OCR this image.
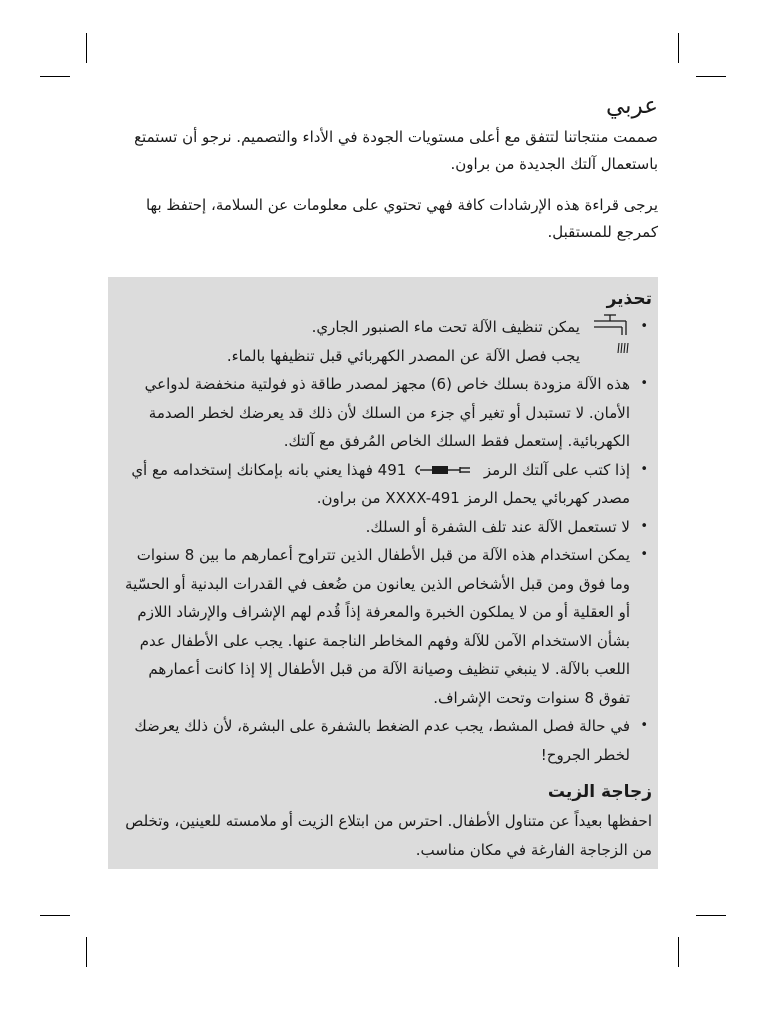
عربي

صممت منتجاتنا لتتفق مع أعلى مستويات الجودة في الأداء والتصميم. نرجو أن تستمتع باستعمال آلتك الجديدة من براون.

يرجى قراءة هذه الإرشادات كافة فهي تحتوي على معلومات عن السلامة، إحتفظ بها كمرجع للمستقبل.

تحذير
•
يمكن تنظيف الآلة تحت ماء الصنبور الجاري.
يجب فصل الآلة عن المصدر الكهربائي قبل تنظيفها بالماء.
•
هذه الآلة مزودة بسلك خاص (6) مجهز لمصدر طاقة ذو فولتية منخفضة لدواعي الأمان. لا تستبدل أو تغير أي جزء من السلك لأن ذلك قد يعرضك لخطر الصدمة الكهربائية. إستعمل فقط السلك الخاص المُرفق مع آلتك.
•
إذا كتب على آلتك الرمز  491 فهذا يعني بانه بإمكانك إستخدامه مع أي مصدر كهربائي يحمل الرمز XXXX-491 من براون.
•
لا تستعمل الآلة عند تلف الشفرة أو السلك.
•
يمكن استخدام هذه الآلة من قبل الأطفال الذين تتراوح أعمارهم ما بين 8 سنوات وما فوق ومن قبل الأشخاص الذين يعانون من ضُعف في القدرات البدنية أو الحسّية أو العقلية أو من لا يملكون الخبرة والمعرفة إذاً قُدم لهم الإشراف والإرشاد اللازم بشأن الاستخدام الآمن للآلة وفهم المخاطر الناجمة عنها. يجب على الأطفال عدم اللعب بالآلة. لا ينبغي تنظيف وصيانة الآلة من قبل الأطفال إلا إذا كانت أعمارهم تفوق 8 سنوات وتحت الإشراف.
•
في حالة فصل المشط، يجب عدم الضغط بالشفرة على البشرة، لأن ذلك يعرضك لخطر الجروح!
زجاجة الزيت

احفظها بعيداً عن متناول الأطفال. احترس من ابتلاع الزيت أو ملامسته للعينين، وتخلص من الزجاجة الفارغة في مكان مناسب.
